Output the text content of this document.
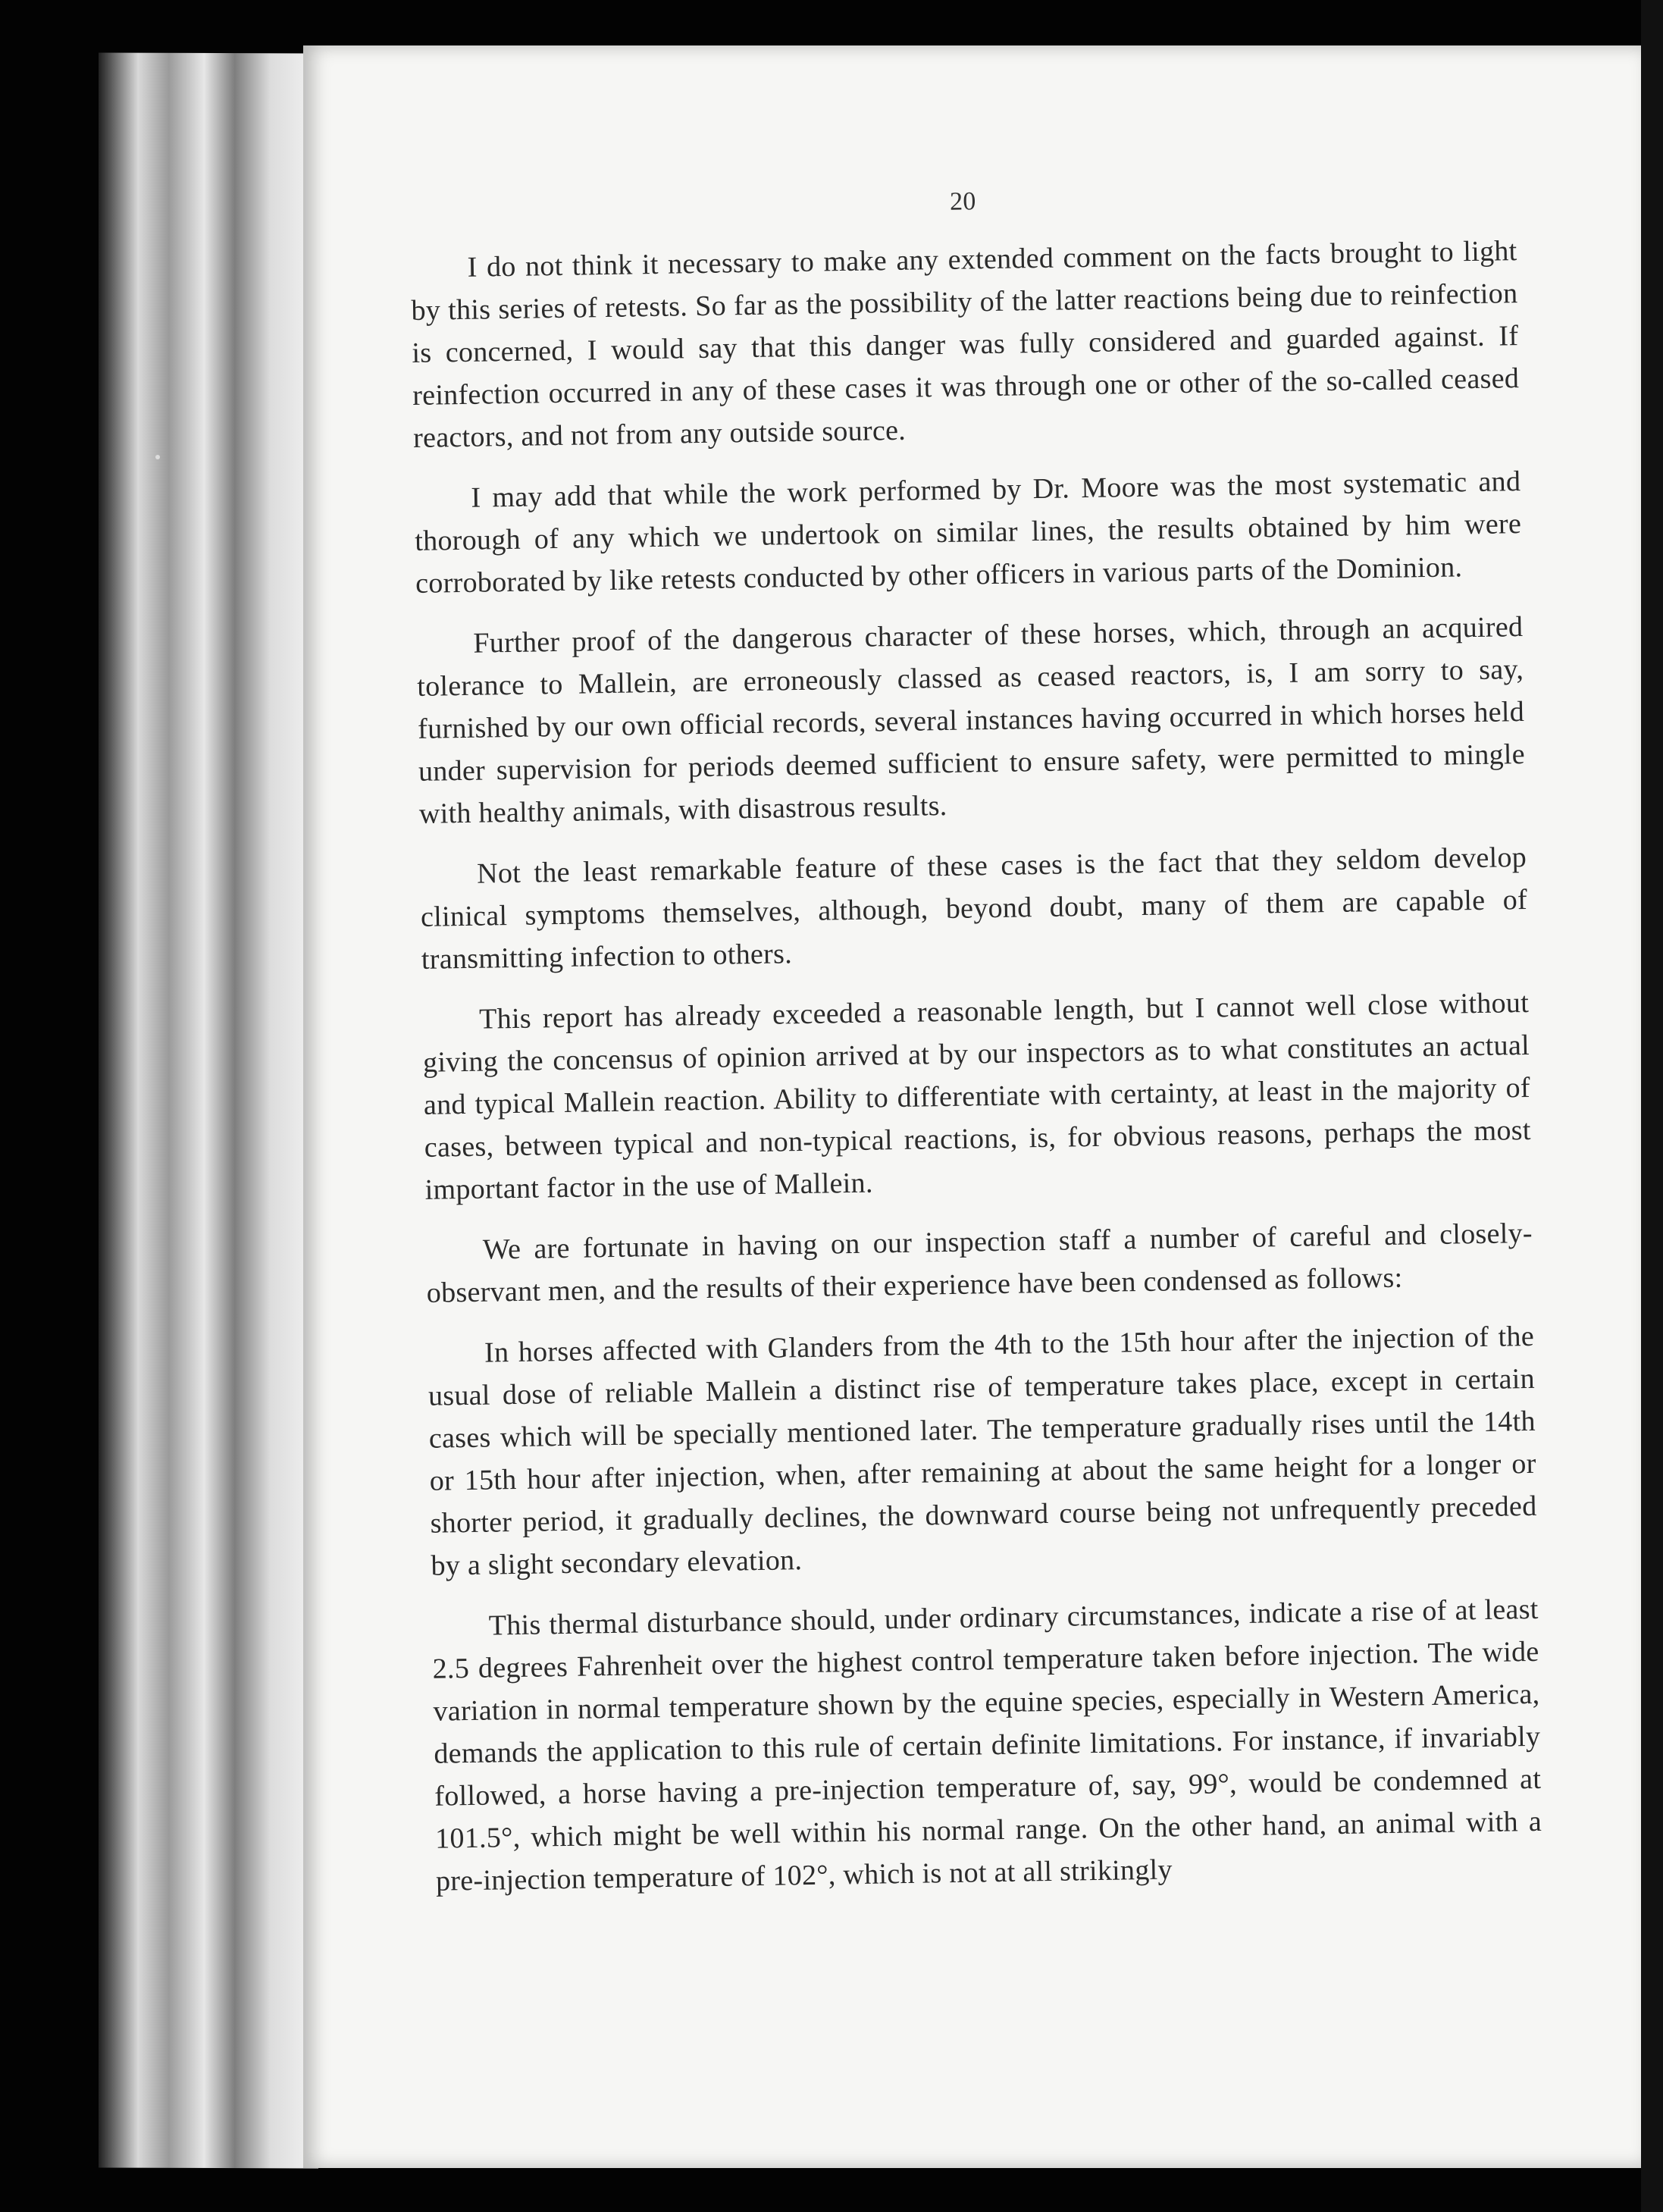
20

I do not think it necessary to make any extended comment on the facts brought to light by this series of retests. So far as the possibility of the latter reactions being due to reinfection is concerned, I would say that this danger was fully considered and guarded against. If reinfection occurred in any of these cases it was through one or other of the so-called ceased reactors, and not from any outside source.

I may add that while the work performed by Dr. Moore was the most systematic and thorough of any which we undertook on similar lines, the results obtained by him were corroborated by like retests conducted by other officers in various parts of the Dominion.

Further proof of the dangerous character of these horses, which, through an acquired tolerance to Mallein, are erroneously classed as ceased reactors, is, I am sorry to say, furnished by our own official records, several instances having occurred in which horses held under supervision for periods deemed sufficient to ensure safety, were permitted to mingle with healthy animals, with disastrous results.

Not the least remarkable feature of these cases is the fact that they seldom develop clinical symptoms themselves, although, beyond doubt, many of them are capable of transmitting infection to others.

This report has already exceeded a reasonable length, but I cannot well close without giving the concensus of opinion arrived at by our inspectors as to what constitutes an actual and typical Mallein reaction. Ability to differentiate with certainty, at least in the majority of cases, between typical and non-typical reactions, is, for obvious reasons, perhaps the most important factor in the use of Mallein.

We are fortunate in having on our inspection staff a number of careful and closely-observant men, and the results of their experience have been condensed as follows:

In horses affected with Glanders from the 4th to the 15th hour after the injection of the usual dose of reliable Mallein a distinct rise of temperature takes place, except in certain cases which will be specially mentioned later. The temperature gradually rises until the 14th or 15th hour after injection, when, after remaining at about the same height for a longer or shorter period, it gradually declines, the downward course being not unfrequently preceded by a slight secondary elevation.

This thermal disturbance should, under ordinary circumstances, indicate a rise of at least 2.5 degrees Fahrenheit over the highest control temperature taken before injection. The wide variation in normal temperature shown by the equine species, especially in Western America, demands the application to this rule of certain definite limitations. For instance, if invariably followed, a horse having a pre-injection temperature of, say, 99°, would be condemned at 101.5°, which might be well within his normal range. On the other hand, an animal with a pre-injection temperature of 102°, which is not at all strikingly
